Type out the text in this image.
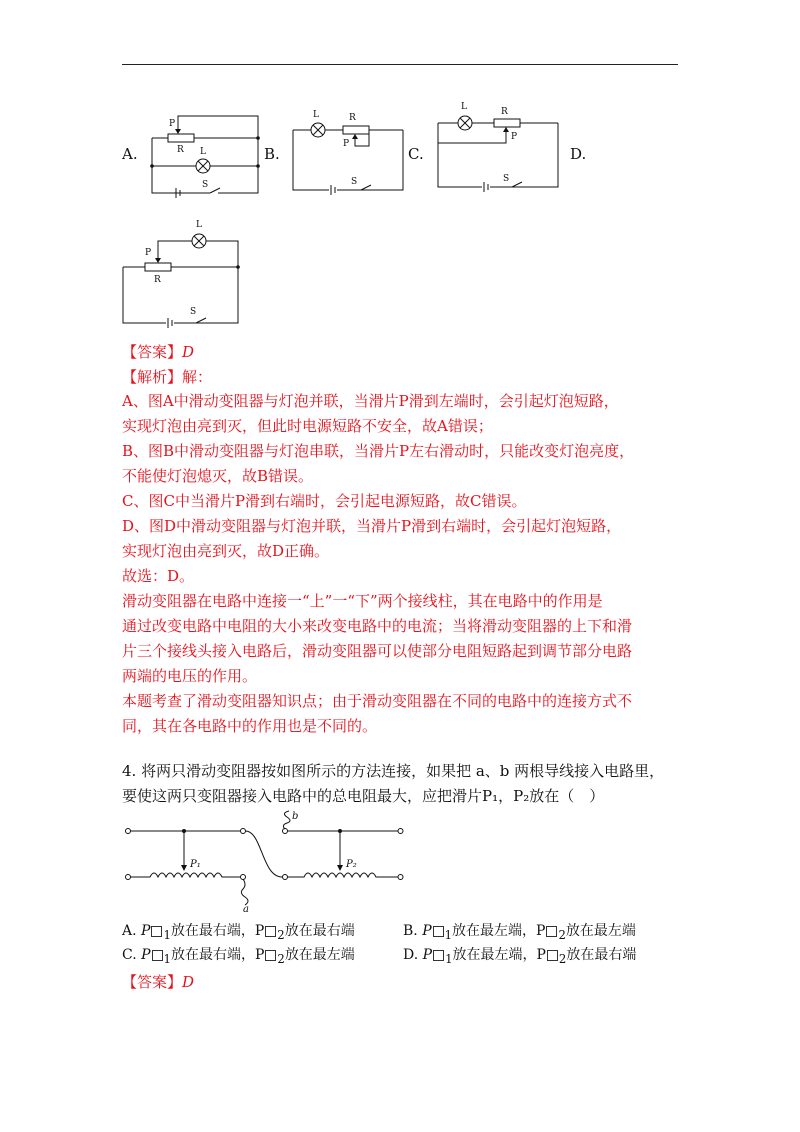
A.	B.	C.	D.
P
R L
S
L	R
P
S
L	R
P
S
L
P
R
S
【答案】D
【解析】解：
A、图A中滑动变阻器与灯泡并联，当滑片P滑到左端时，会引起灯泡短路，
实现灯泡由亮到灭，但此时电源短路不安全，故A错误；
B、图B中滑动变阻器与灯泡串联，当滑片P左右滑动时，只能改变灯泡亮度，
不能使灯泡熄灭，故B错误。
C、图C中当滑片P滑到右端时，会引起电源短路，故C错误。
D、图D中滑动变阻器与灯泡并联，当滑片P滑到右端时，会引起灯泡短路，
实现灯泡由亮到灭，故D正确。
故选：D。
滑动变阻器在电路中连接一“上”一“下”两个接线柱，其在电路中的作用是
通过改变电路中电阻的大小来改变电路中的电流；当将滑动变阻器的上下和滑
片三个接线头接入电路后，滑动变阻器可以使部分电阻短路起到调节部分电路
两端的电压的作用。
本题考查了滑动变阻器知识点；由于滑动变阻器在不同的电路中的连接方式不
同，其在各电路中的作用也是不同的。
4. 将两只滑动变阻器按如图所示的方法连接，如果把 a、b 两根导线接入电路里，
要使这两只变阻器接入电路中的总电阻最大，应把滑片P₁，P₂放在（　）
P₁	P₂
a
b
A. P $_1$放在最右端，P $_2$放在最右端	B. P $_1$放在最左端，P $_2$放在最左端
C. P $_1$放在最右端，P $_2$放在最左端	D. P $_1$放在最左端，P $_2$放在最右端
【答案】D
